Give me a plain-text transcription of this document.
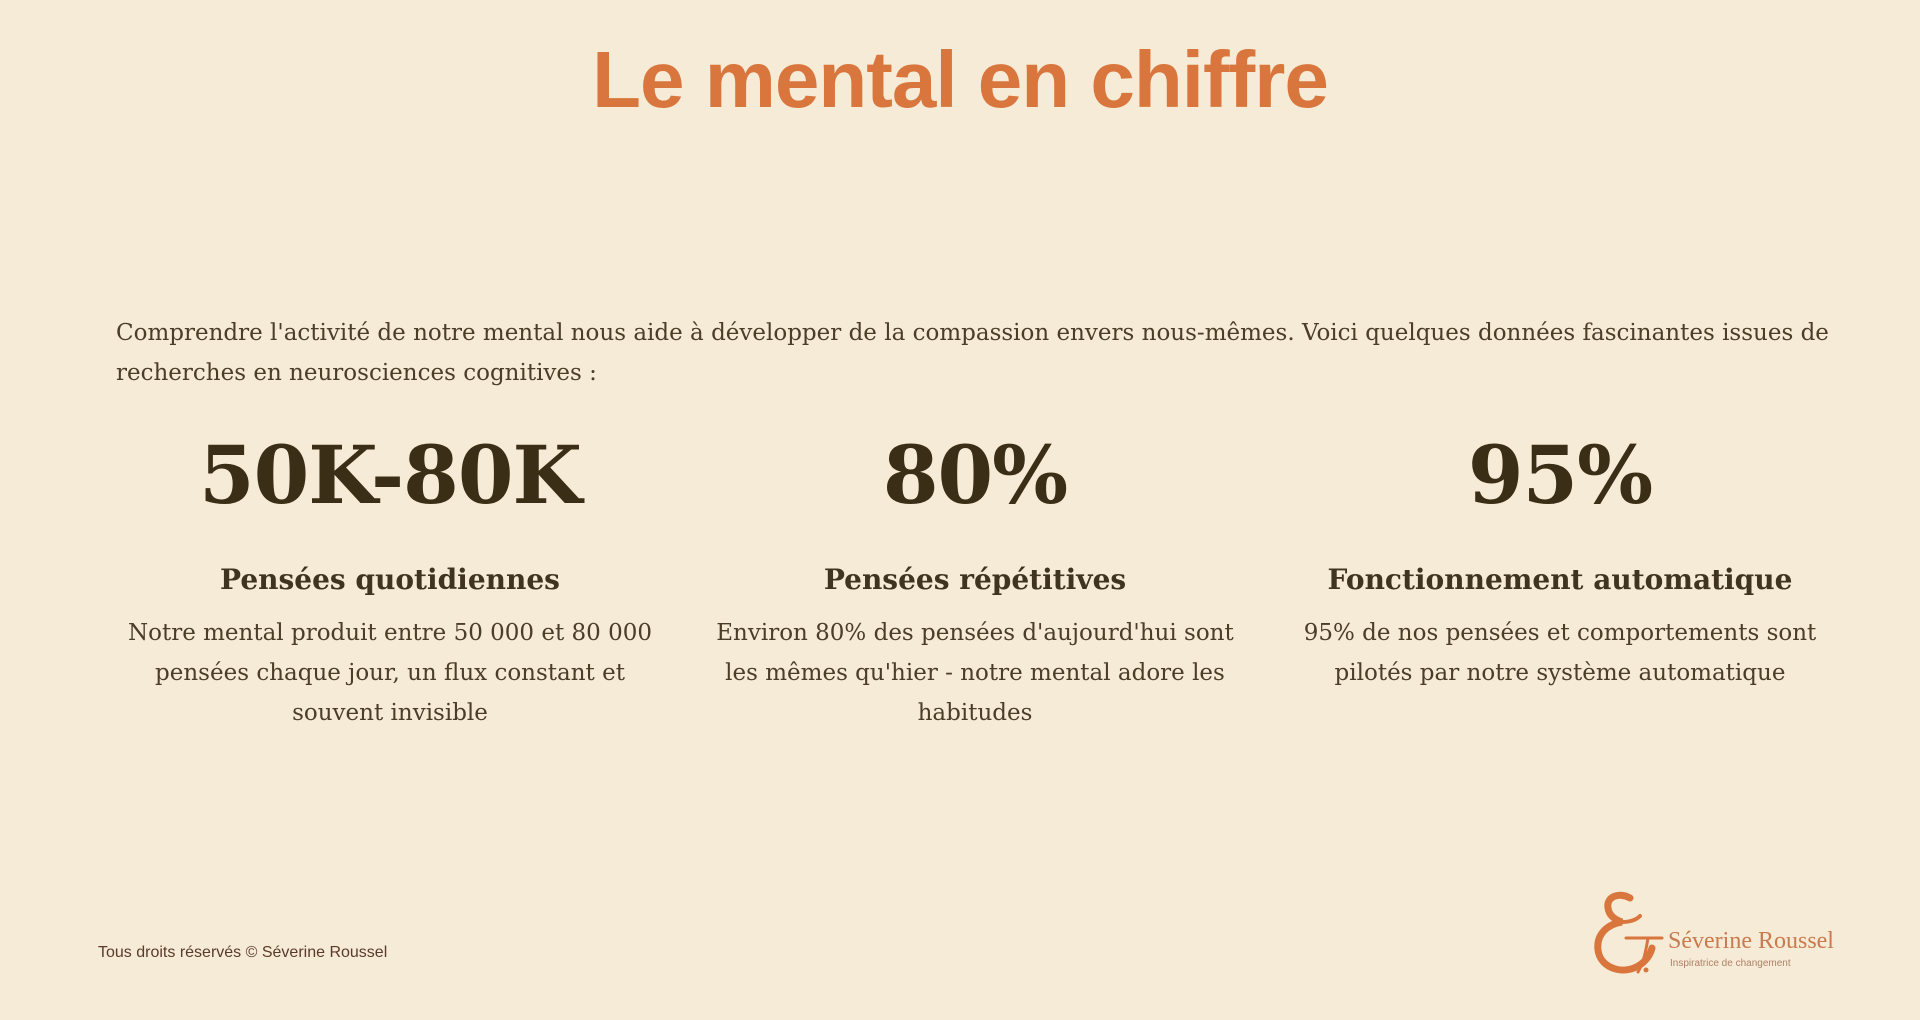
Le mental en chiffre

Comprendre l'activité de notre mental nous aide à développer de la compassion envers nous-mêmes. Voici quelques données fascinantes issues de recherches en neurosciences cognitives :

50K-80K
Pensées quotidiennes
Notre mental produit entre 50 000 et 80 000 pensées chaque jour, un flux constant et souvent invisible
80%
Pensées répétitives
Environ 80% des pensées d'aujourd'hui sont les mêmes qu'hier - notre mental adore les habitudes
95%
Fonctionnement automatique
95% de nos pensées et comportements sont pilotés par notre système automatique
Tous droits réservés © Séverine Roussel	Séverine Roussel
Inspiratrice de changement
